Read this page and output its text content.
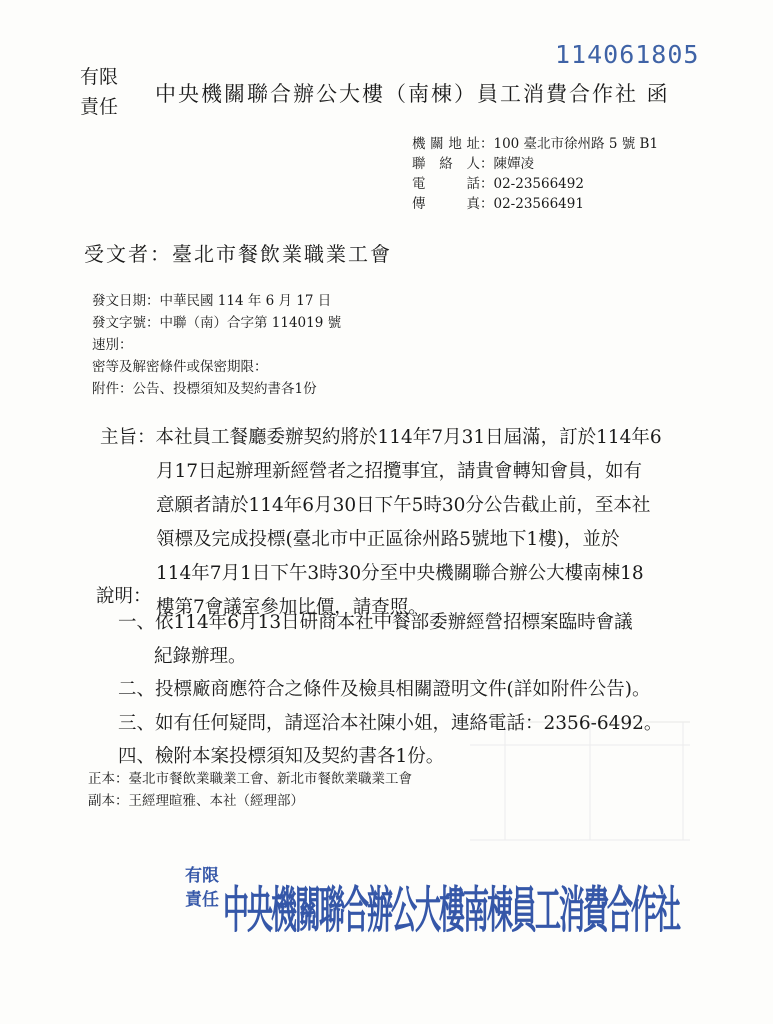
114061805
有限
責任
中央機關聯合辦公大樓（南棟）員工消費合作社 函
機關地址：100 臺北市徐州路 5 號 B1
聯絡人：陳嬋凌
電話：02-23566492
傳真：02-23566491
受文者：臺北市餐飲業職業工會
發文日期：中華民國 114 年 6 月 17 日
發文字號：中聯（南）合字第 114019 號
速別：
密等及解密條件或保密期限：
附件：公告、投標須知及契約書各1份
主旨：本社員工餐廳委辦契約將於114年7月31日屆滿，訂於114年6
月17日起辦理新經營者之招攬事宜，請貴會轉知會員，如有
意願者請於114年6月30日下午5時30分公告截止前，至本社
領標及完成投標(臺北市中正區徐州路5號地下1樓)，並於
114年7月1日下午3時30分至中央機關聯合辦公大樓南棟18
樓第7會議室參加比價，請查照。
說明：
一、依114年6月13日研商本社中餐部委辦經營招標案臨時會議
紀錄辦理。
二、投標廠商應符合之條件及檢具相關證明文件(詳如附件公告)。
三、如有任何疑問，請逕洽本社陳小姐，連絡電話：2356-6492。
四、檢附本案投標須知及契約書各1份。
正本：臺北市餐飲業職業工會、新北市餐飲業職業工會
副本：王經理暄雅、本社（經理部）
有限
責任 中央機關聯合辦公大樓南棟員工消費合作社
